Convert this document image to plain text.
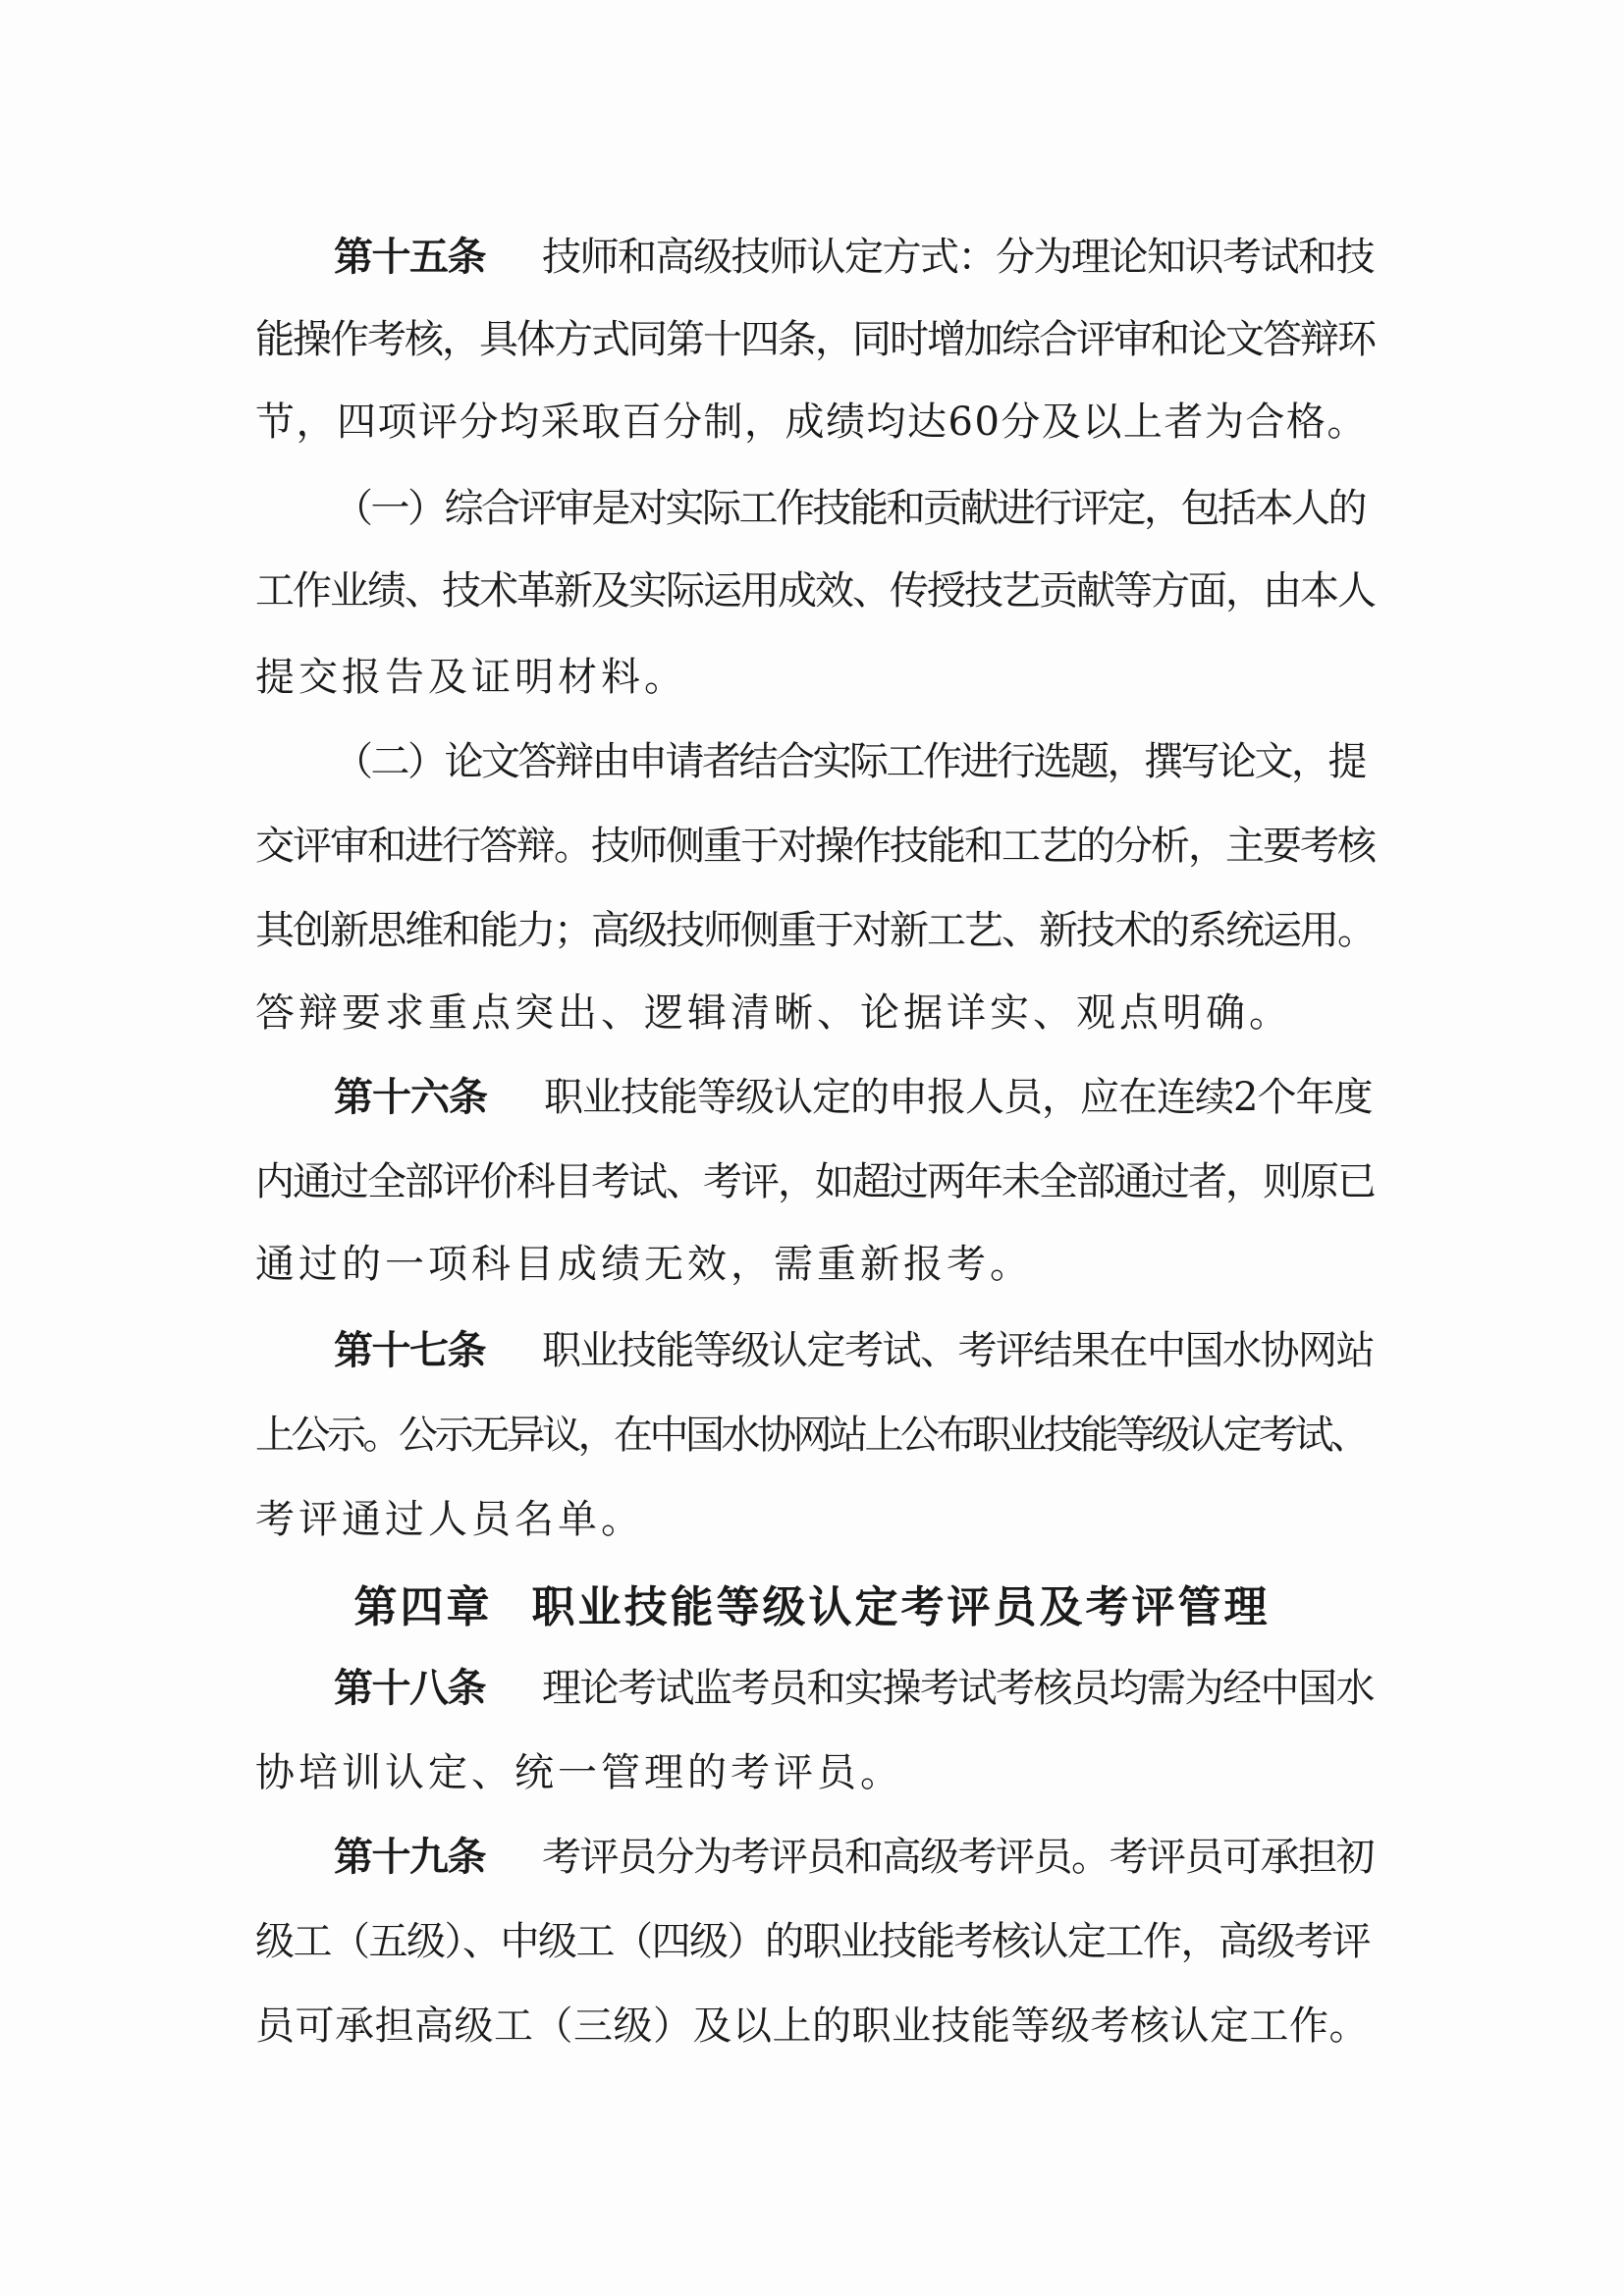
第十五条 技师和高级技师认定方式：分为理论知识考试和技
能操作考核，具体方式同第十四条，同时增加综合评审和论文答辩环
节，四项评分均采取百分制，成绩均达60分及以上者为合格。
（一）综合评审是对实际工作技能和贡献进行评定，包括本人的
工作业绩、技术革新及实际运用成效、传授技艺贡献等方面，由本人
提交报告及证明材料。
（二）论文答辩由申请者结合实际工作进行选题，撰写论文，提
交评审和进行答辩。技师侧重于对操作技能和工艺的分析，主要考核
其创新思维和能力；高级技师侧重于对新工艺、新技术的系统运用。
答辩要求重点突出、逻辑清晰、论据详实、观点明确。
第十六条 职业技能等级认定的申报人员，应在连续2个年度
内通过全部评价科目考试、考评，如超过两年未全部通过者，则原已
通过的一项科目成绩无效，需重新报考。
第十七条 职业技能等级认定考试、考评结果在中国水协网站
上公示。公示无异议，在中国水协网站上公布职业技能等级认定考试、
考评通过人员名单。
第四章 职业技能等级认定考评员及考评管理
第十八条 理论考试监考员和实操考试考核员均需为经中国水
协培训认定、统一管理的考评员。
第十九条 考评员分为考评员和高级考评员。考评员可承担初
级工（五级）、中级工（四级）的职业技能考核认定工作，高级考评
员可承担高级工（三级）及以上的职业技能等级考核认定工作。
